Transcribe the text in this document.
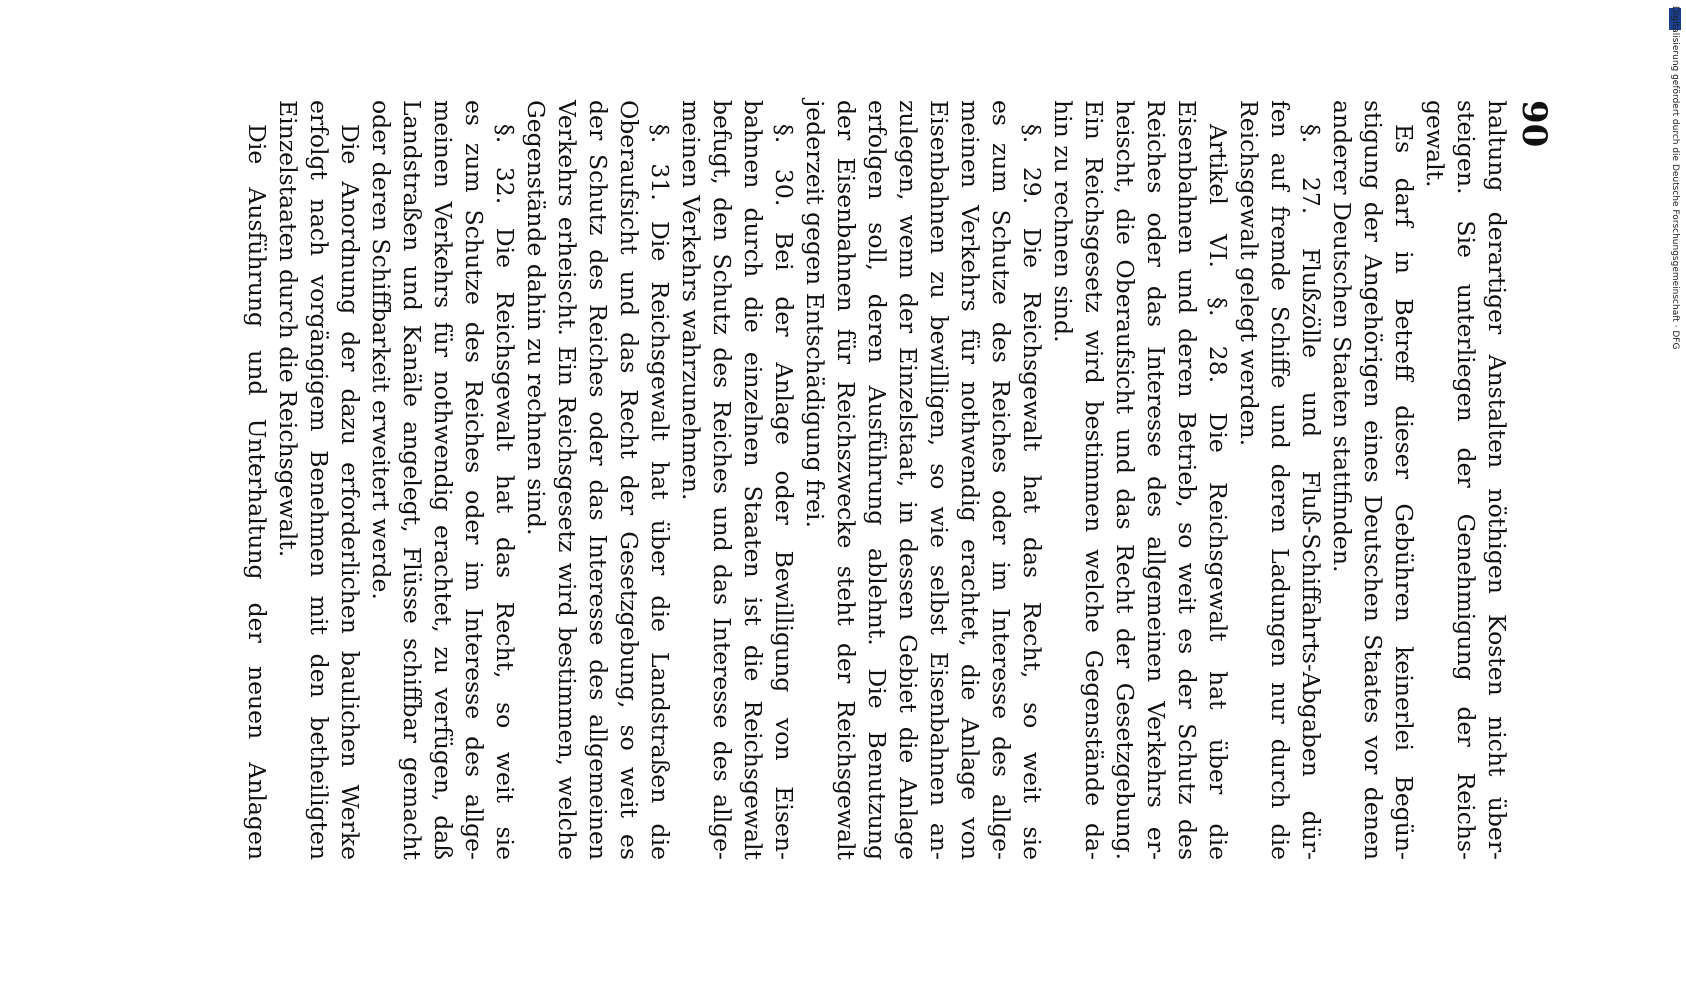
90
haltung derartiger Anstalten nöthigen Kosten nicht über-
steigen. Sie unterliegen der Genehmigung der Reichs-
gewalt.
Es darf in Betreff dieser Gebühren keinerlei Begün-
stigung der Angehörigen eines Deutschen Staates vor denen
anderer Deutschen Staaten stattfinden.
§. 27. Flußzölle und Fluß-Schiffahrts-Abgaben dür-
fen auf fremde Schiffe und deren Ladungen nur durch die
Reichsgewalt gelegt werden.
Artikel VI. §. 28. Die Reichsgewalt hat über die
Eisenbahnen und deren Betrieb, so weit es der Schutz des
Reiches oder das Interesse des allgemeinen Verkehrs er-
heischt, die Oberaufsicht und das Recht der Gesetzgebung.
Ein Reichsgesetz wird bestimmen welche Gegenstände da-
hin zu rechnen sind.
§. 29. Die Reichsgewalt hat das Recht, so weit sie
es zum Schutze des Reiches oder im Interesse des allge-
meinen Verkehrs für nothwendig erachtet, die Anlage von
Eisenbahnen zu bewilligen, so wie selbst Eisenbahnen an-
zulegen, wenn der Einzelstaat, in dessen Gebiet die Anlage
erfolgen soll, deren Ausführung ablehnt. Die Benutzung
der Eisenbahnen für Reichszwecke steht der Reichsgewalt
jederzeit gegen Entschädigung frei.
§. 30. Bei der Anlage oder Bewilligung von Eisen-
bahnen durch die einzelnen Staaten ist die Reichsgewalt
befugt, den Schutz des Reiches und das Interesse des allge-
meinen Verkehrs wahrzunehmen.
§. 31. Die Reichsgewalt hat über die Landstraßen die
Oberaufsicht und das Recht der Gesetzgebung, so weit es
der Schutz des Reiches oder das Interesse des allgemeinen
Verkehrs erheischt. Ein Reichsgesetz wird bestimmen, welche
Gegenstände dahin zu rechnen sind.
§. 32. Die Reichsgewalt hat das Recht, so weit sie
es zum Schutze des Reiches oder im Interesse des allge-
meinen Verkehrs für nothwendig erachtet, zu verfügen, daß
Landstraßen und Kanäle angelegt, Flüsse schiffbar gemacht
oder deren Schiffbarkeit erweitert werde.
Die Anordnung der dazu erforderlichen baulichen Werke
erfolgt nach vorgängigem Benehmen mit den betheiligten
Einzelstaaten durch die Reichsgewalt.
Die Ausführung und Unterhaltung der neuen Anlagen	Digitalisierung gefördert durch die Deutsche Forschungsgemeinschaft · DFG
